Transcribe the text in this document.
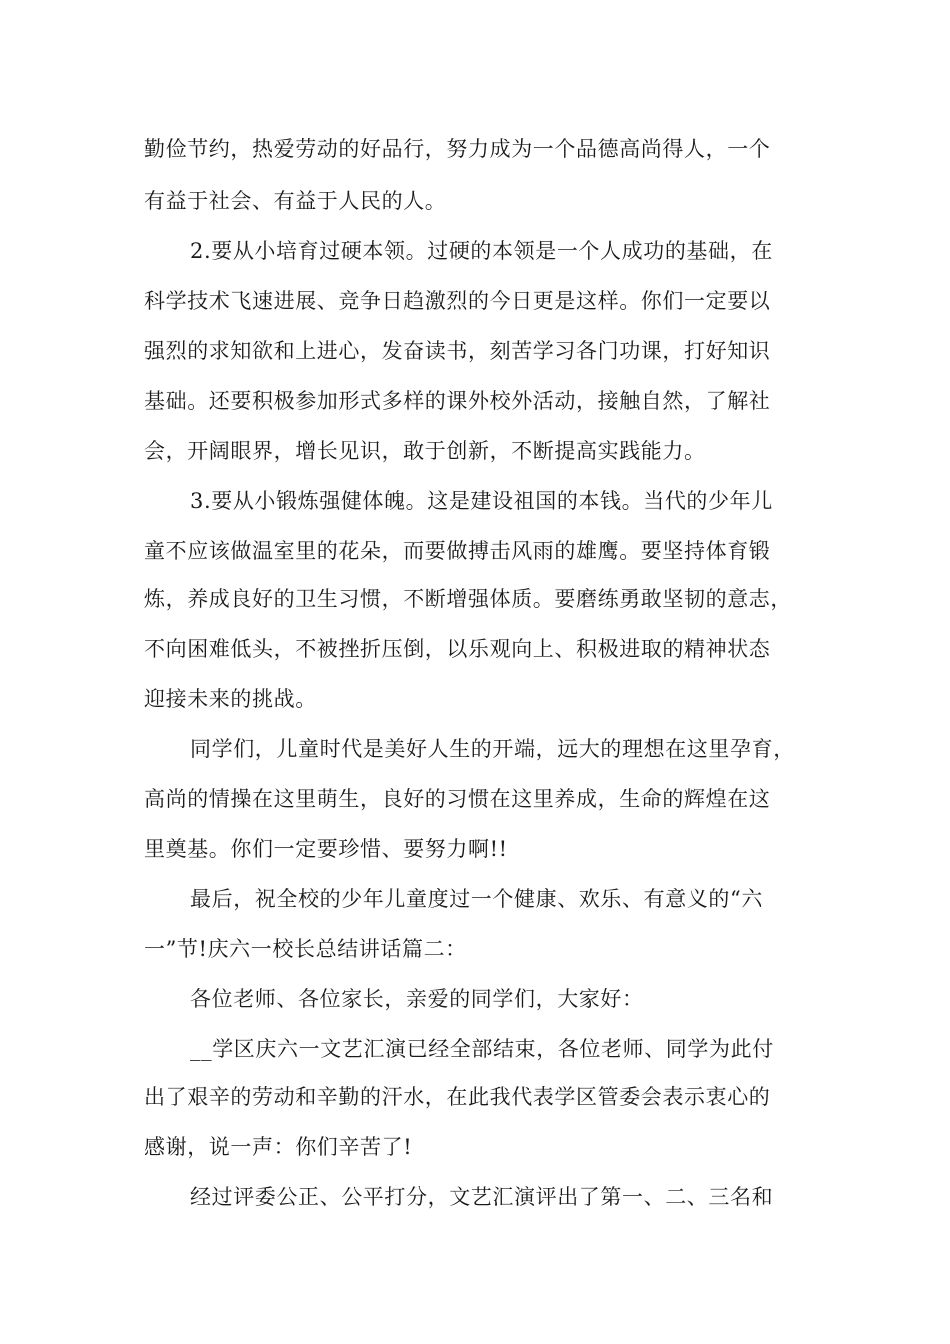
勤俭节约，热爱劳动的好品行，努力成为一个品德高尚得人，一个

有益于社会、有益于人民的人。

2.要从小培育过硬本领。过硬的本领是一个人成功的基础，在

科学技术飞速进展、竞争日趋激烈的今日更是这样。你们一定要以

强烈的求知欲和上进心，发奋读书，刻苦学习各门功课，打好知识

基础。还要积极参加形式多样的课外校外活动，接触自然，了解社

会，开阔眼界，增长见识，敢于创新，不断提高实践能力。

3.要从小锻炼强健体魄。这是建设祖国的本钱。当代的少年儿

童不应该做温室里的花朵，而要做搏击风雨的雄鹰。要坚持体育锻

炼，养成良好的卫生习惯，不断增强体质。要磨练勇敢坚韧的意志，

不向困难低头，不被挫折压倒，以乐观向上、积极进取的精神状态

迎接未来的挑战。

同学们，儿童时代是美好人生的开端，远大的理想在这里孕育，

高尚的情操在这里萌生，良好的习惯在这里养成，生命的辉煌在这

里奠基。你们一定要珍惜、要努力啊!!

最后，祝全校的少年儿童度过一个健康、欢乐、有意义的“六

一”节!庆六一校长总结讲话篇二：

各位老师、各位家长，亲爱的同学们，大家好：

__学区庆六一文艺汇演已经全部结束，各位老师、同学为此付

出了艰辛的劳动和辛勤的汗水，在此我代表学区管委会表示衷心的

感谢，说一声：你们辛苦了!

经过评委公正、公平打分，文艺汇演评出了第一、二、三名和
